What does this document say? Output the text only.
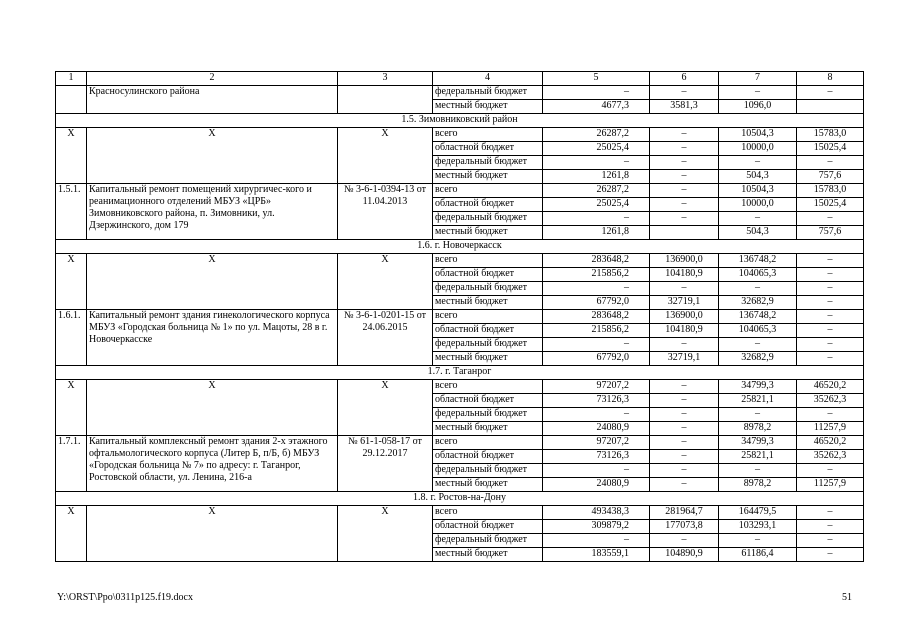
1	2	3	4	5	6	7	8
	Красносулинского района		федеральный бюджет	–	–	–	–
			местный бюджет	4677,3	3581,3	1096,0	
1.5. Зимовниковский район							
Х	Х	Х	всего	26287,2	–	10504,3	15783,0
			областной бюджет	25025,4	–	10000,0	15025,4
			федеральный бюджет	–	–	–	–
			местный бюджет	1261,8	–	504,3	757,6
1.5.1.	Капитальный ремонт помещений хирургичес-кого и реанимационного отделений МБУЗ «ЦРБ» Зимовниковского района, п. Зимовники, ул. Дзержинского, дом 179	№ 3-6-1-0394-13 от 11.04.2013	всего	26287,2	–	10504,3	15783,0
			областной бюджет	25025,4	–	10000,0	15025,4
			федеральный бюджет	–	–	–	–
			местный бюджет	1261,8		504,3	757,6
1.6. г. Новочеркасск							
Х	Х	Х	всего	283648,2	136900,0	136748,2	–
			областной бюджет	215856,2	104180,9	104065,3	–
			федеральный бюджет	–	–	–	–
			местный бюджет	67792,0	32719,1	32682,9	–
1.6.1.	Капитальный ремонт здания гинекологического корпуса МБУЗ «Городская больница № 1» по ул. Мацоты, 28 в г. Новочеркасске	№ 3-6-1-0201-15 от 24.06.2015	всего	283648,2	136900,0	136748,2	–
			областной бюджет	215856,2	104180,9	104065,3	–
			федеральный бюджет	–	–	–	–
			местный бюджет	67792,0	32719,1	32682,9	–
1.7. г. Таганрог							
Х	Х	Х	всего	97207,2	–	34799,3	46520,2
			областной бюджет	73126,3	–	25821,1	35262,3
			федеральный бюджет	–	–	–	–
			местный бюджет	24080,9	–	8978,2	11257,9
1.7.1.	Капитальный комплексный ремонт здания 2-х этажного офтальмологического корпуса (Литер Б, п/Б, б) МБУЗ «Городская больница № 7» по адресу: г. Таганрог, Ростовской области, ул. Ленина, 216-а	№ 61-1-058-17 от 29.12.2017	всего	97207,2	–	34799,3	46520,2
			областной бюджет	73126,3	–	25821,1	35262,3
			федеральный бюджет	–	–	–	–
			местный бюджет	24080,9	–	8978,2	11257,9
1.8. г. Ростов-на-Дону							
Х	Х	Х	всего	493438,3	281964,7	164479,5	–
			областной бюджет	309879,2	177073,8	103293,1	–
			федеральный бюджет	–	–	–	–
			местный бюджет	183559,1	104890,9	61186,4	–
Y:\ORST\Ppo\0311p125.f19.docx	51
